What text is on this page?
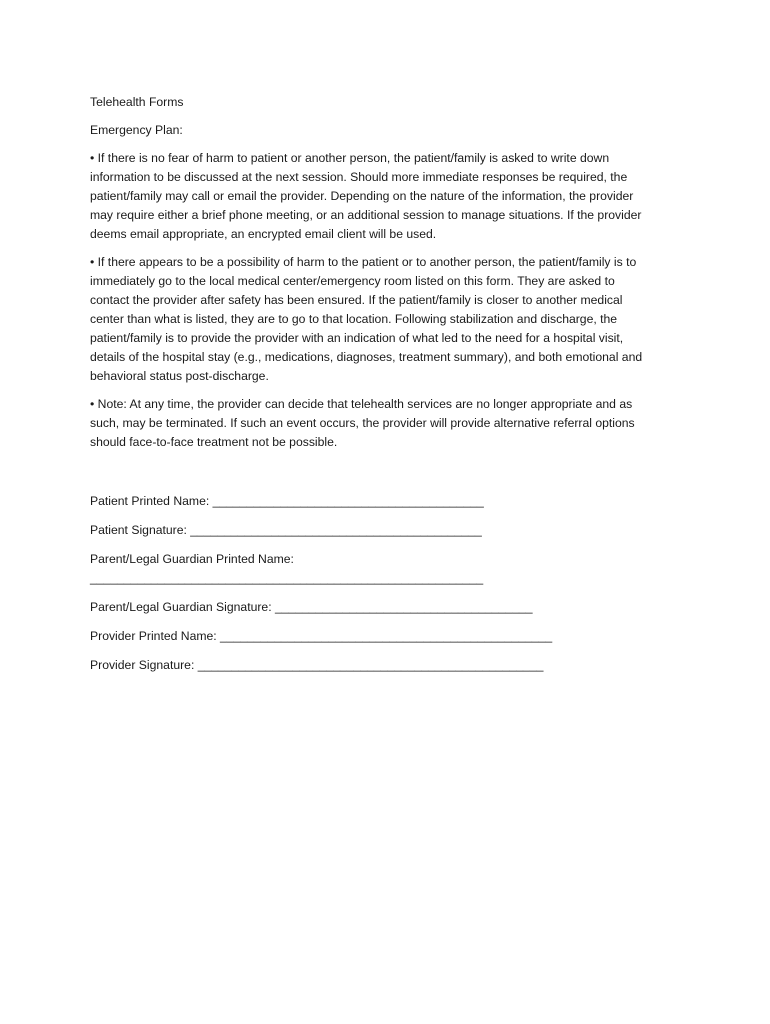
Telehealth Forms

Emergency Plan:

• If there is no fear of harm to patient or another person, the patient/family is asked to write down

information to be discussed at the next session. Should more immediate responses be required, the

patient/family may call or email the provider. Depending on the nature of the information, the provider

may require either a brief phone meeting, or an additional session to manage situations. If the provider

deems email appropriate, an encrypted email client will be used.

• If there appears to be a possibility of harm to the patient or to another person, the patient/family is to

immediately go to the local medical center/emergency room listed on this form. They are asked to

contact the provider after safety has been ensured. If the patient/family is closer to another medical

center than what is listed, they are to go to that location. Following stabilization and discharge, the

patient/family is to provide the provider with an indication of what led to the need for a hospital visit,

details of the hospital stay (e.g., medications, diagnoses, treatment summary), and both emotional and

behavioral status post-discharge.

• Note: At any time, the provider can decide that telehealth services are no longer appropriate and as

such, may be terminated. If such an event occurs, the provider will provide alternative referral options

should face-to-face treatment not be possible.

Patient Printed Name: ________________________________________

Patient Signature: ___________________________________________

Parent/Legal Guardian Printed Name:
__________________________________________________________

Parent/Legal Guardian Signature: ______________________________________

Provider Printed Name: _________________________________________________

Provider Signature: ___________________________________________________
